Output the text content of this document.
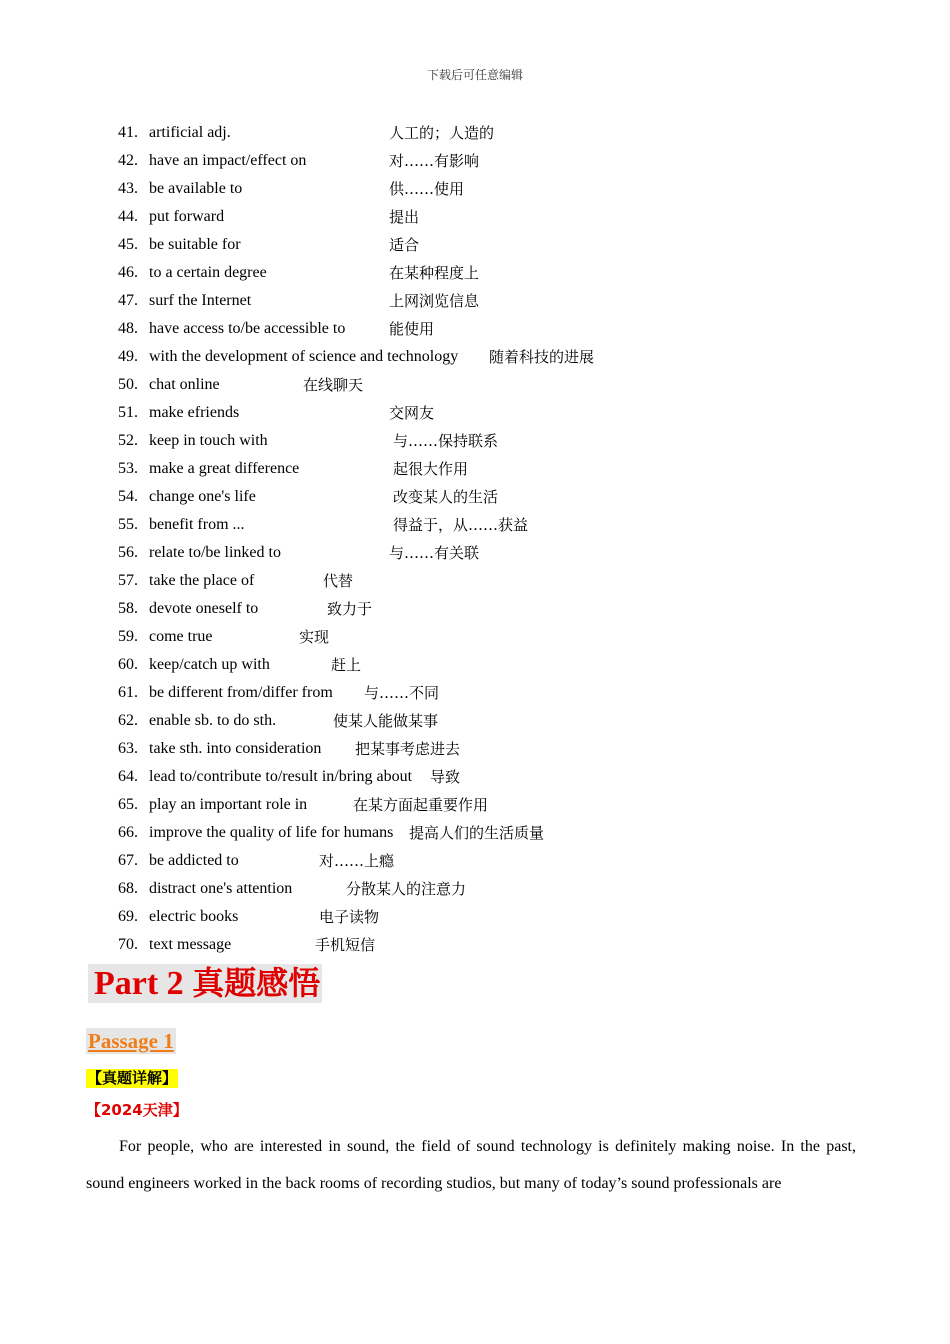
下载后可任意编辑
41. artificial adj.	人工的；人造的
42. have an impact/effect on	对……有影响
43. be available to	供……使用
44. put forward	提出
45. be suitable for	适合
46. to a certain degree	在某种程度上
47. surf the Internet	上网浏览信息
48. have access to/be accessible to	能使用
49. with the development of science and technology 随着科技的进展
50. chat online	在线聊天
51. make efriends	交网友
52. keep in touch with	与……保持联系
53. make a great difference	起很大作用
54. change one's life	改变某人的生活
55. benefit from ...	得益于，从……获益
56. relate to/be linked to	与……有关联
57. take the place of	代替
58. devote oneself to	致力于
59. come true	实现
60. keep/catch up with	赶上
61. be different from/differ from 与……不同
62. enable sb. to do sth.	使某人能做某事
63. take sth. into consideration 把某事考虑进去
64. lead to/contribute to/result in/bring about 导致
65. play an important role in	在某方面起重要作用
66. improve the quality of life for humans 提高人们的生活质量
67. be addicted to	对……上瘾
68. distract one's attention	分散某人的注意力
69. electric books	电子读物
70. text message	手机短信
Part 2 真题感悟
Passage 1
【真题详解】
【2024天津】
For people, who are interested in sound, the field of sound technology is definitely making noise. In the past, sound engineers worked in the back rooms of recording studios, but many of today’s sound professionals are
